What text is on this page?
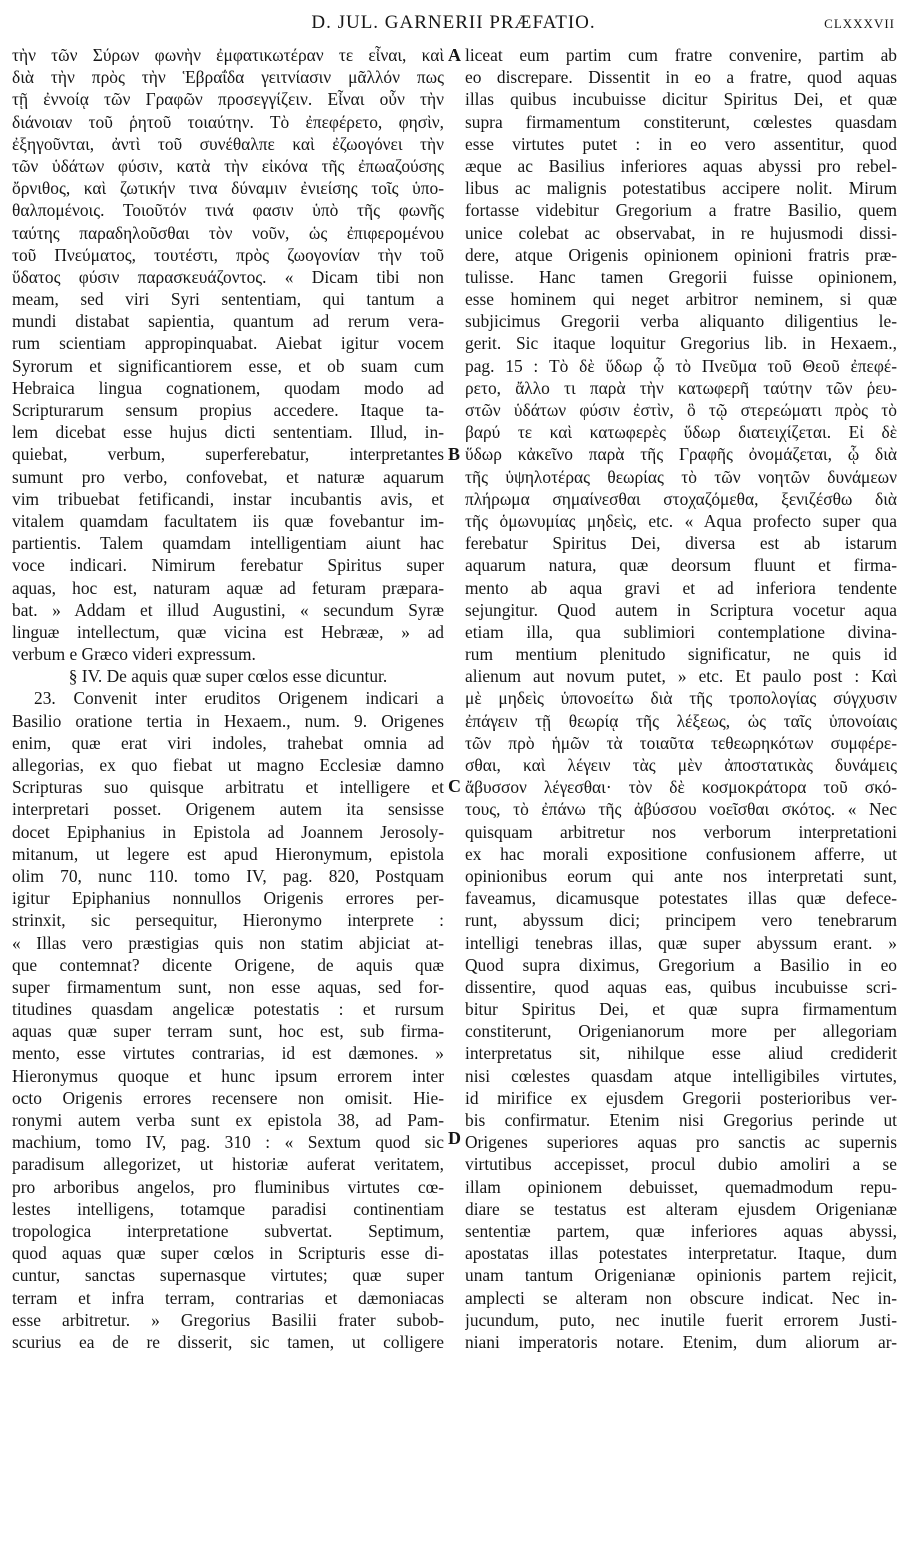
D. JUL. GARNERII PRÆFATIO.	CLXXXVII
τὴν τῶν Σύρων φωνὴν ἐμφατικωτέραν τε εἶναι, καὶ
διὰ τὴν πρὸς τὴν Ἑβραΐδα γειτνίασιν μᾶλλόν πως
τῇ ἐννοίᾳ τῶν Γραφῶν προσεγγίζειν. Εἶναι οὖν τὴν
διάνοιαν τοῦ ῥητοῦ τοιαύτην. Τὸ ἐπεφέρετο, φησὶν,
ἐξηγοῦνται, ἀντὶ τοῦ συνέθαλπε καὶ ἐζωογόνει τὴν
τῶν ὑδάτων φύσιν, κατὰ τὴν εἰκόνα τῆς ἐπωαζούσης
ὄρνιθος, καὶ ζωτικήν τινα δύναμιν ἐνιείσης τοῖς ὑπο-
θαλπομένοις. Τοιοῦτόν τινά φασιν ὑπὸ τῆς φωνῆς
ταύτης παραδηλοῦσθαι τὸν νοῦν, ὡς ἐπιφερομένου
τοῦ Πνεύματος, τουτέστι, πρὸς ζωογονίαν τὴν τοῦ
ὕδατος φύσιν παρασκευάζοντος. « Dicam tibi non
meam, sed viri Syri sententiam, qui tantum a
mundi distabat sapientia, quantum ad rerum vera-
rum scientiam appropinquabat. Aiebat igitur vocem
Syrorum et significantiorem esse, et ob suam cum
Hebraica lingua cognationem, quodam modo ad
Scripturarum sensum propius accedere. Itaque ta-
lem dicebat esse hujus dicti sententiam. Illud, in-
quiebat, verbum, superferebatur, interpretantes
sumunt pro verbo, confovebat, et naturæ aquarum
vim tribuebat fetificandi, instar incubantis avis, et
vitalem quamdam facultatem iis quæ fovebantur im-
partientis. Talem quamdam intelligentiam aiunt hac
voce indicari. Nimirum ferebatur Spiritus super
aquas, hoc est, naturam aquæ ad feturam præpara-
bat. » Addam et illud Augustini, « secundum Syræ
linguæ intellectum, quæ vicina est Hebrææ, » ad
verbum e Græco videri expressum.
§ IV. De aquis quæ super cœlos esse dicuntur.
23. Convenit inter eruditos Origenem indicari a
Basilio oratione tertia in Hexaem., num. 9. Origenes
enim, quæ erat viri indoles, trahebat omnia ad
allegorias, ex quo fiebat ut magno Ecclesiæ damno
Scripturas suo quisque arbitratu et intelligere et
interpretari posset. Origenem autem ita sensisse
docet Epiphanius in Epistola ad Joannem Jerosoly-
mitanum, ut legere est apud Hieronymum, epistola
olim 70, nunc 110. tomo IV, pag. 820, Postquam
igitur Epiphanius nonnullos Origenis errores per-
strinxit, sic persequitur, Hieronymo interprete :
« Illas vero præstigias quis non statim abjiciat at-
que contemnat? dicente Origene, de aquis quæ
super firmamentum sunt, non esse aquas, sed for-
titudines quasdam angelicæ potestatis : et rursum
aquas quæ super terram sunt, hoc est, sub firma-
mento, esse virtutes contrarias, id est dæmones. »
Hieronymus quoque et hunc ipsum errorem inter
octo Origenis errores recensere non omisit. Hie-
ronymi autem verba sunt ex epistola 38, ad Pam-
machium, tomo IV, pag. 310 : « Sextum quod sic
paradisum allegorizet, ut historiæ auferat veritatem,
pro arboribus angelos, pro fluminibus virtutes cœ-
lestes intelligens, totamque paradisi continentiam
tropologica interpretatione subvertat. Septimum,
quod aquas quæ super cœlos in Scripturis esse di-
cuntur, sanctas supernasque virtutes; quæ super
terram et infra terram, contrarias et dæmoniacas
esse arbitretur. » Gregorius Basilii frater subob-
scurius ea de re disserit, sic tamen, ut colligere
liceat eum partim cum fratre convenire, partim ab
eo discrepare. Dissentit in eo a fratre, quod aquas
illas quibus incubuisse dicitur Spiritus Dei, et quæ
supra firmamentum constiterunt, cœlestes quasdam
esse virtutes putet : in eo vero assentitur, quod
æque ac Basilius inferiores aquas abyssi pro rebel-
libus ac malignis potestatibus accipere nolit. Mirum
fortasse videbitur Gregorium a fratre Basilio, quem
unice colebat ac observabat, in re hujusmodi dissi-
dere, atque Origenis opinionem opinioni fratris præ-
tulisse. Hanc tamen Gregorii fuisse opinionem,
esse hominem qui neget arbitror neminem, si quæ
subjicimus Gregorii verba aliquanto diligentius le-
gerit. Sic itaque loquitur Gregorius lib. in Hexaem.,
pag. 15 : Τὸ δὲ ὕδωρ ᾧ τὸ Πνεῦμα τοῦ Θεοῦ ἐπεφέ-
ρετο, ἄλλο τι παρὰ τὴν κατωφερῆ ταύτην τῶν ῥευ-
στῶν ὑδάτων φύσιν ἐστὶν, ὃ τῷ στερεώματι πρὸς τὸ
βαρύ τε καὶ κατωφερὲς ὕδωρ διατειχίζεται. Εἰ δὲ
ὕδωρ κἀκεῖνο παρὰ τῆς Γραφῆς ὀνομάζεται, ᾧ διὰ
τῆς ὑψηλοτέρας θεωρίας τὸ τῶν νοητῶν δυνάμεων
πλήρωμα σημαίνεσθαι στοχαζόμεθα, ξενιζέσθω διὰ
τῆς ὁμωνυμίας μηδεὶς, etc. « Aqua profecto super qua
ferebatur Spiritus Dei, diversa est ab istarum
aquarum natura, quæ deorsum fluunt et firma-
mento ab aqua gravi et ad inferiora tendente
sejungitur. Quod autem in Scriptura vocetur aqua
etiam illa, qua sublimiori contemplatione divina-
rum mentium plenitudo significatur, ne quis id
alienum aut novum putet, » etc. Et paulo post : Καὶ
μὲ μηδεὶς ὑπονοείτω διὰ τῆς τροπολογίας σύγχυσιν
ἐπάγειν τῇ θεωρίᾳ τῆς λέξεως, ὡς ταῖς ὑπονοίαις
τῶν πρὸ ἡμῶν τὰ τοιαῦτα τεθεωρηκότων συμφέρε-
σθαι, καὶ λέγειν τὰς μὲν ἀποστατικὰς δυνάμεις
ἄβυσσον λέγεσθαι· τὸν δὲ κοσμοκράτορα τοῦ σκό-
τους, τὸ ἐπάνω τῆς ἀβύσσου νοεῖσθαι σκότος. « Nec
quisquam arbitretur nos verborum interpretationi
ex hac morali expositione confusionem afferre, ut
opinionibus eorum qui ante nos interpretati sunt,
faveamus, dicamusque potestates illas quæ defece-
runt, abyssum dici; principem vero tenebrarum
intelligi tenebras illas, quæ super abyssum erant. »
Quod supra diximus, Gregorium a Basilio in eo
dissentire, quod aquas eas, quibus incubuisse scri-
bitur Spiritus Dei, et quæ supra firmamentum
constiterunt, Origenianorum more per allegoriam
interpretatus sit, nihilque esse aliud crediderit
nisi cœlestes quasdam atque intelligibiles virtutes,
id mirifice ex ejusdem Gregorii posterioribus ver-
bis confirmatur. Etenim nisi Gregorius perinde ut
Origenes superiores aquas pro sanctis ac supernis
virtutibus accepisset, procul dubio amoliri a se
illam opinionem debuisset, quemadmodum repu-
diare se testatus est alteram ejusdem Origenianæ
sententiæ partem, quæ inferiores aquas abyssi,
apostatas illas potestates interpretatur. Itaque, dum
unam tantum Origenianæ opinionis partem rejicit,
amplecti se alteram non obscure indicat. Nec in-
jucundum, puto, nec inutile fuerit errorem Justi-
niani imperatoris notare. Etenim, dum aliorum ar-
A
B
C
D
